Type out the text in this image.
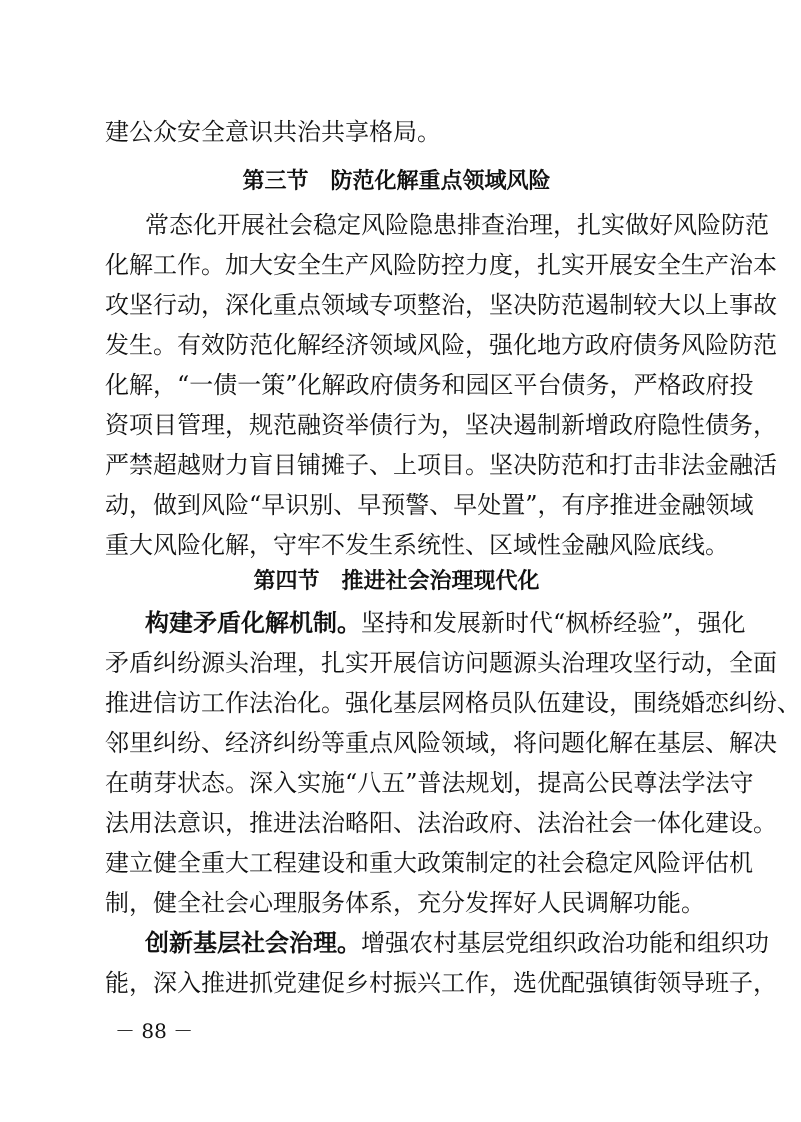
建公众安全意识共治共享格局。
第三节　防范化解重点领域风险
常态化开展社会稳定风险隐患排查治理，扎实做好风险防范
化解工作。加大安全生产风险防控力度，扎实开展安全生产治本
攻坚行动，深化重点领域专项整治，坚决防范遏制较大以上事故
发生。有效防范化解经济领域风险，强化地方政府债务风险防范
化解，“一债一策”化解政府债务和园区平台债务，严格政府投
资项目管理，规范融资举债行为，坚决遏制新增政府隐性债务，
严禁超越财力盲目铺摊子、上项目。坚决防范和打击非法金融活
动，做到风险“早识别、早预警、早处置”，有序推进金融领域
重大风险化解，守牢不发生系统性、区域性金融风险底线。
第四节　推进社会治理现代化
构建矛盾化解机制。坚持和发展新时代“枫桥经验”，强化
矛盾纠纷源头治理，扎实开展信访问题源头治理攻坚行动，全面
推进信访工作法治化。强化基层网格员队伍建设，围绕婚恋纠纷、
邻里纠纷、经济纠纷等重点风险领域，将问题化解在基层、解决
在萌芽状态。深入实施“八五”普法规划，提高公民尊法学法守
法用法意识，推进法治略阳、法治政府、法治社会一体化建设。
建立健全重大工程建设和重大政策制定的社会稳定风险评估机
制，健全社会心理服务体系，充分发挥好人民调解功能。
创新基层社会治理。增强农村基层党组织政治功能和组织功
能，深入推进抓党建促乡村振兴工作，选优配强镇街领导班子，
－ 88 －
